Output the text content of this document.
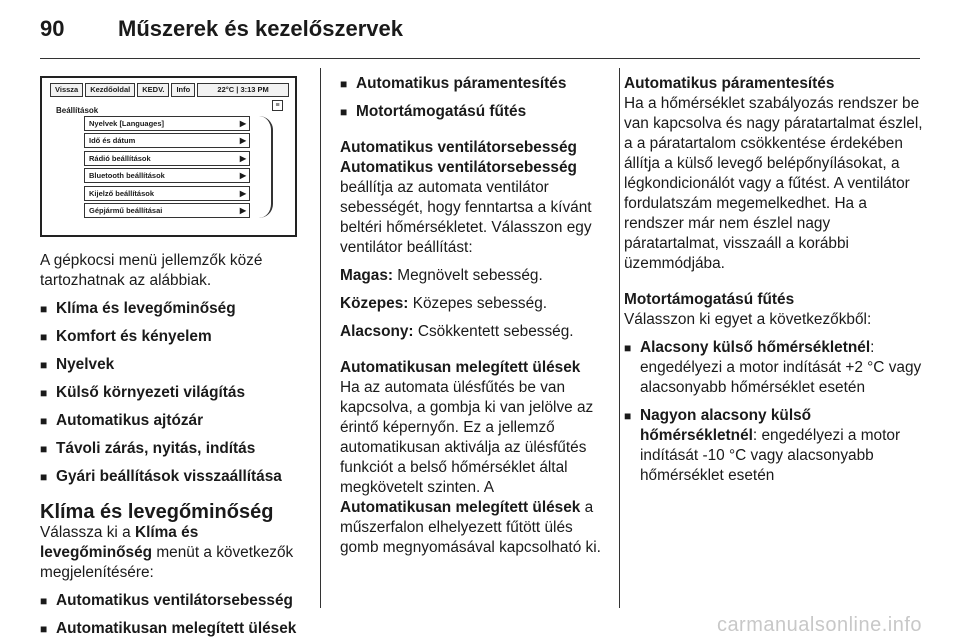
90 Műszerek és kezelőszervek
Vissza	Kezdőoldal	KEDV.	Info	22°C | 3:13 PM
Beállítások
≡
Nyelvek [Languages]	▶
Idő és dátum	▶
Rádió beállítások	▶
Bluetooth beállítások	▶
Kijelző beállítások	▶
Gépjármű beállításai	▶

A gépkocsi menü jellemzők közé tartozhatnak az alábbiak.

■ Klíma és levegőminőség

■ Komfort és kényelem

■ Nyelvek

■ Külső környezeti világítás

■ Automatikus ajtózár

■ Távoli zárás, nyitás, indítás

■ Gyári beállítások visszaállítása

Klíma és levegőminőség

Válassza ki a Klíma és levegőminőség menüt a következők megjelenítésére:

■ Automatikus ventilátorsebesség

■ Automatikusan melegített ülések

■ Automatikus páramentesítés

■ Motortámogatású fűtés

Automatikus ventilátorsebesség

Automatikus ventilátorsebesség
beállítja az automata ventilátor sebességét, hogy fenntartsa a kívánt beltéri hőmérsékletet. Válasszon egy ventilátor beállítást:

Magas: Megnövelt sebesség.

Közepes: Közepes sebesség.

Alacsony: Csökkentett sebesség.

Automatikusan melegített ülések

Ha az automata ülésfűtés be van kapcsolva, a gombja ki van jelölve az érintő képernyőn. Ez a jellemző automatikusan aktiválja az ülésfűtés funkciót a belső hőmérséklet által megkövetelt szinten. A
Automatikusan melegített ülések a műszerfalon elhelyezett fűtött ülés gomb megnyomásával kapcsolható ki.

Automatikus páramentesítés

Ha a hőmérséklet szabályozás rendszer be van kapcsolva és nagy páratartalmat észlel, a a páratartalom csökkentése érdekében állítja a külső levegő belépőnyílásokat, a légkondicionálót vagy a fűtést. A ventilátor fordulatszám megemelkedhet. Ha a rendszer már nem észlel nagy páratartalmat, visszaáll a korábbi üzemmódjába.

Motortámogatású fűtés

Válasszon ki egyet a következőkből:

■ Alacsony külső hőmérsékletnél: engedélyezi a motor indítását +2 °C vagy alacsonyabb hőmérséklet esetén

■ Nagyon alacsony külső hőmérsékletnél: engedélyezi a motor indítását -10 °C vagy alacsonyabb hőmérséklet esetén

carmanualsonline.info
